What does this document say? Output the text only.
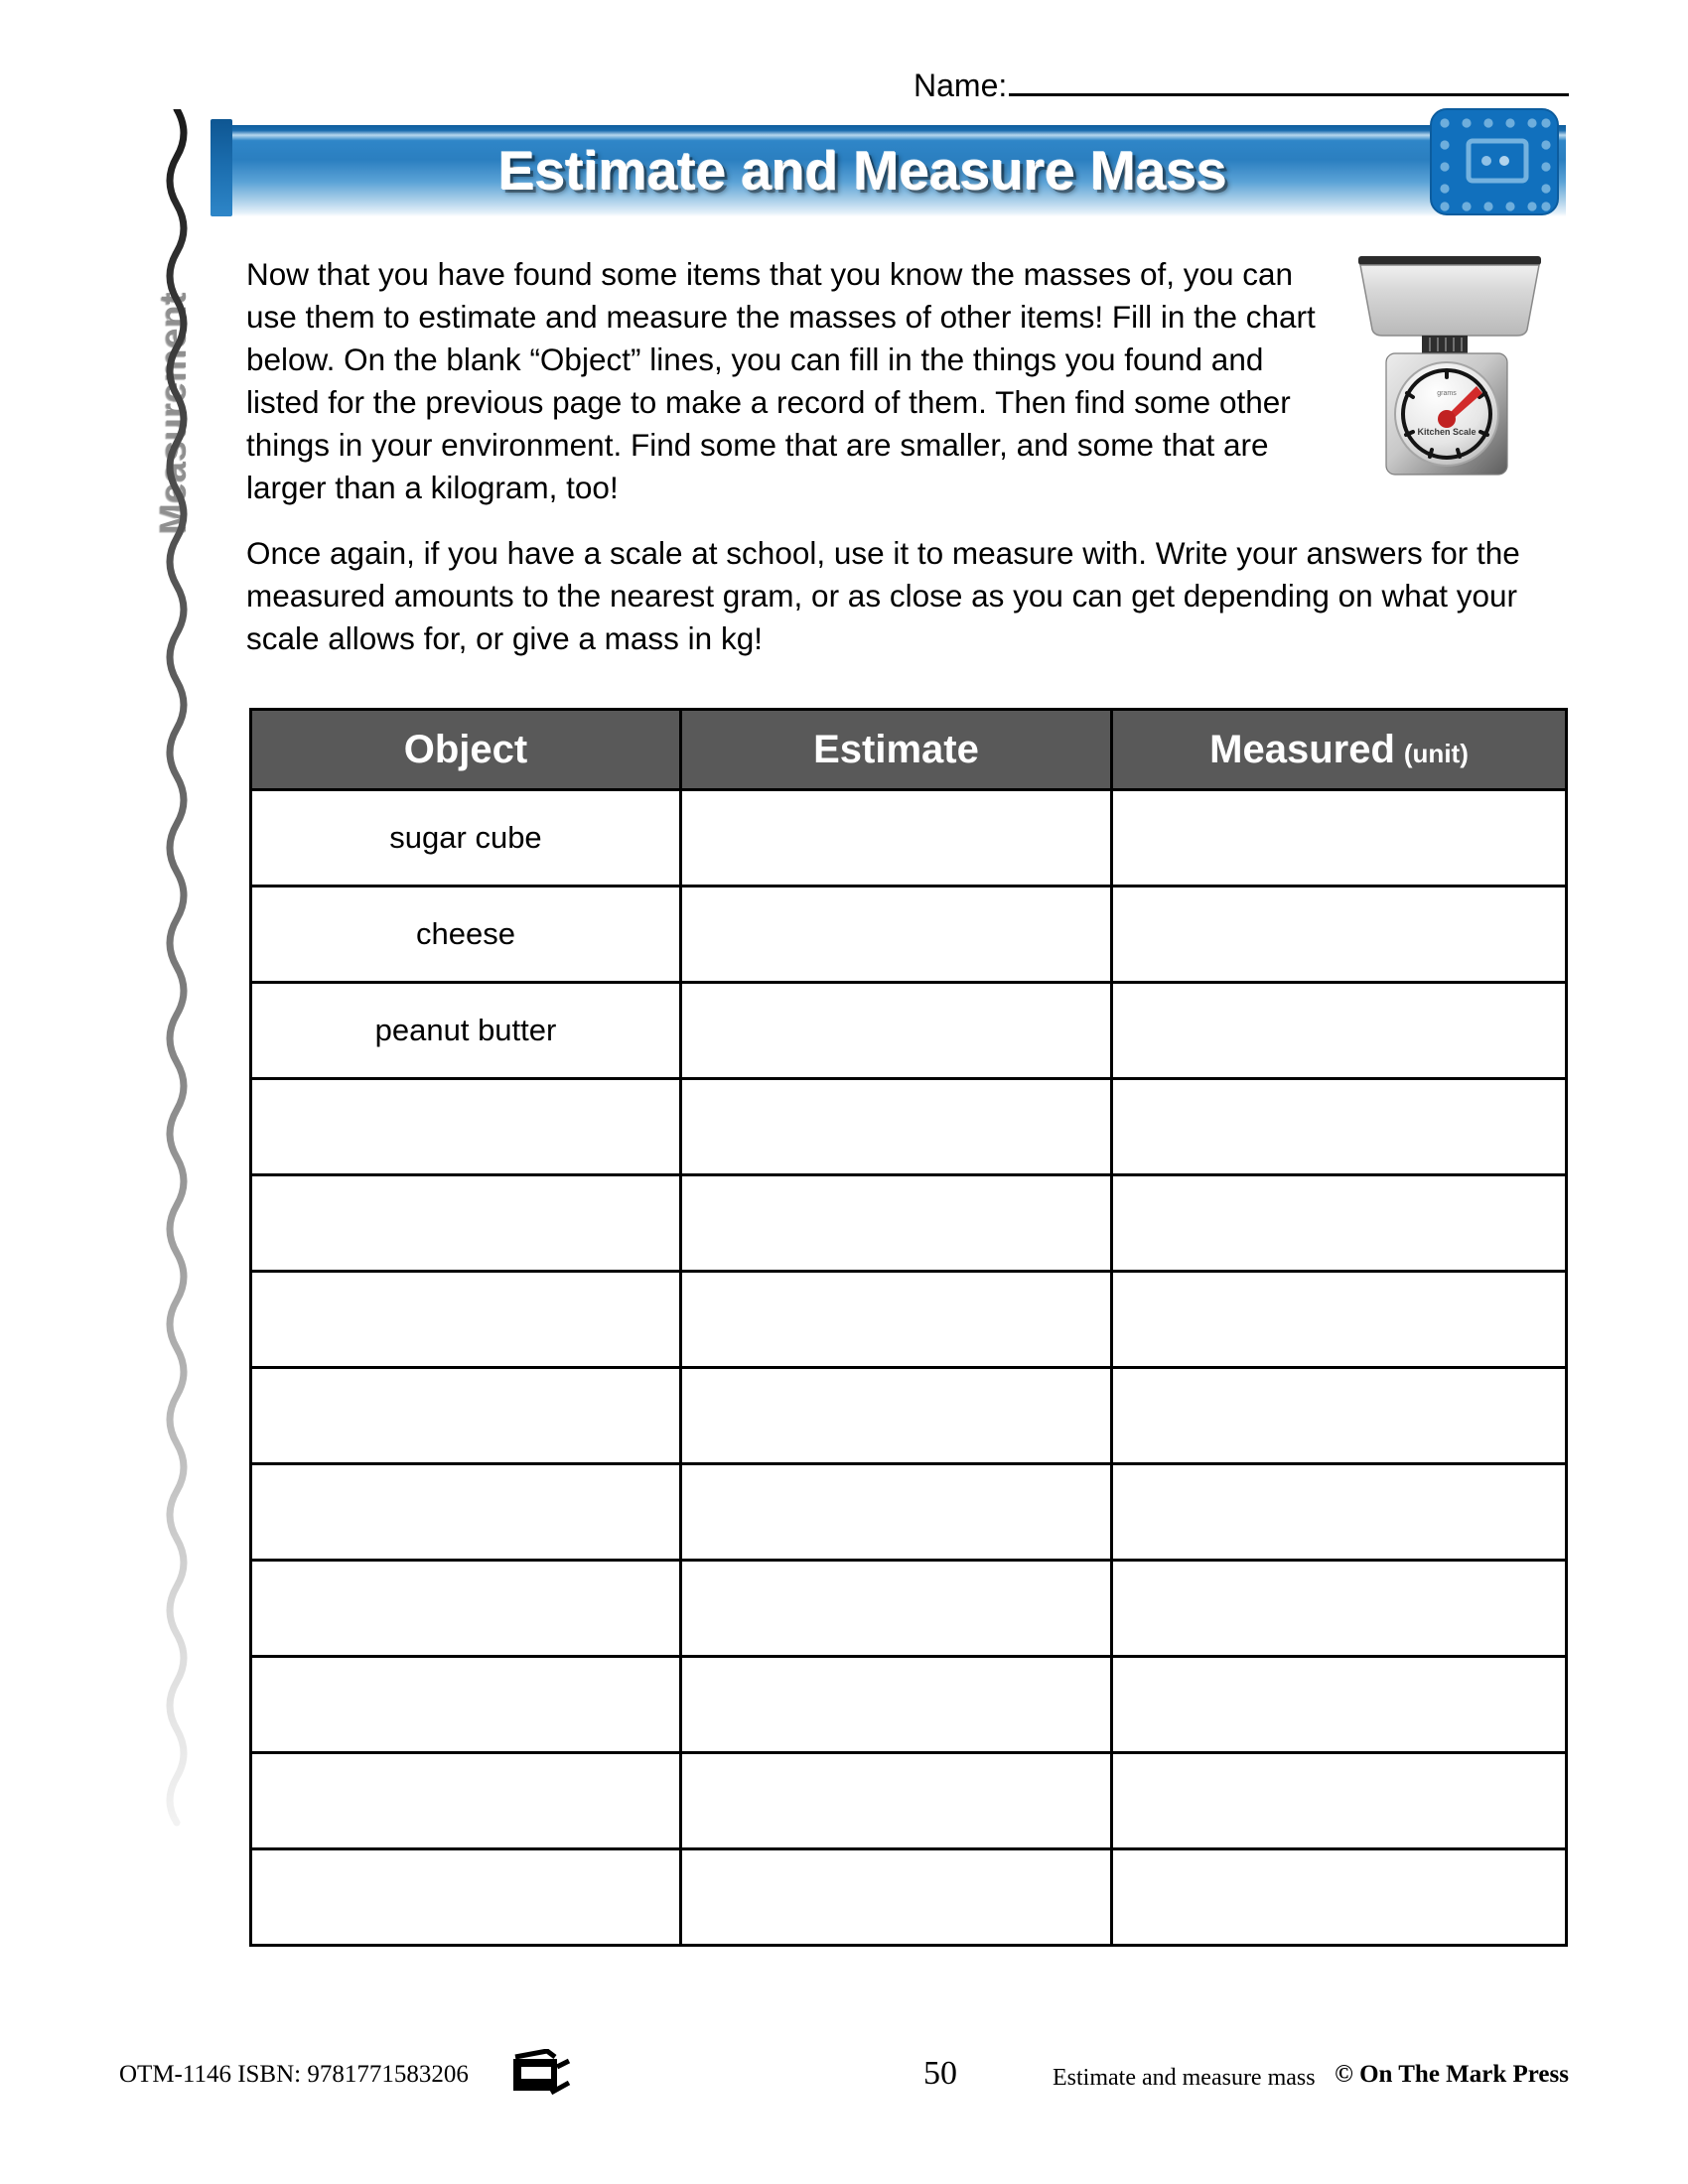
Name:
Measurement
Estimate and Measure Mass
grams
Kitchen Scale

Now that you have found some items that you know the masses of, you can use them to estimate and measure the masses of other items! Fill in the chart below. On the blank “Object” lines, you can fill in the things you found and listed for the previous page to make a record of them. Then find some other things in your environment. Find some that are smaller, and some that are larger than a kilogram, too!

Once again, if you have a scale at school, use it to measure with. Write your answers for the measured amounts to the nearest gram, or as close as you can get depending on what your scale allows for, or give a mass in kg!

Object	Estimate	Measured (unit)

sugar cube		
cheese		
peanut butter		

OTM-1146 ISBN: 9781771583206	50	Estimate and measure mass © On The Mark Press
